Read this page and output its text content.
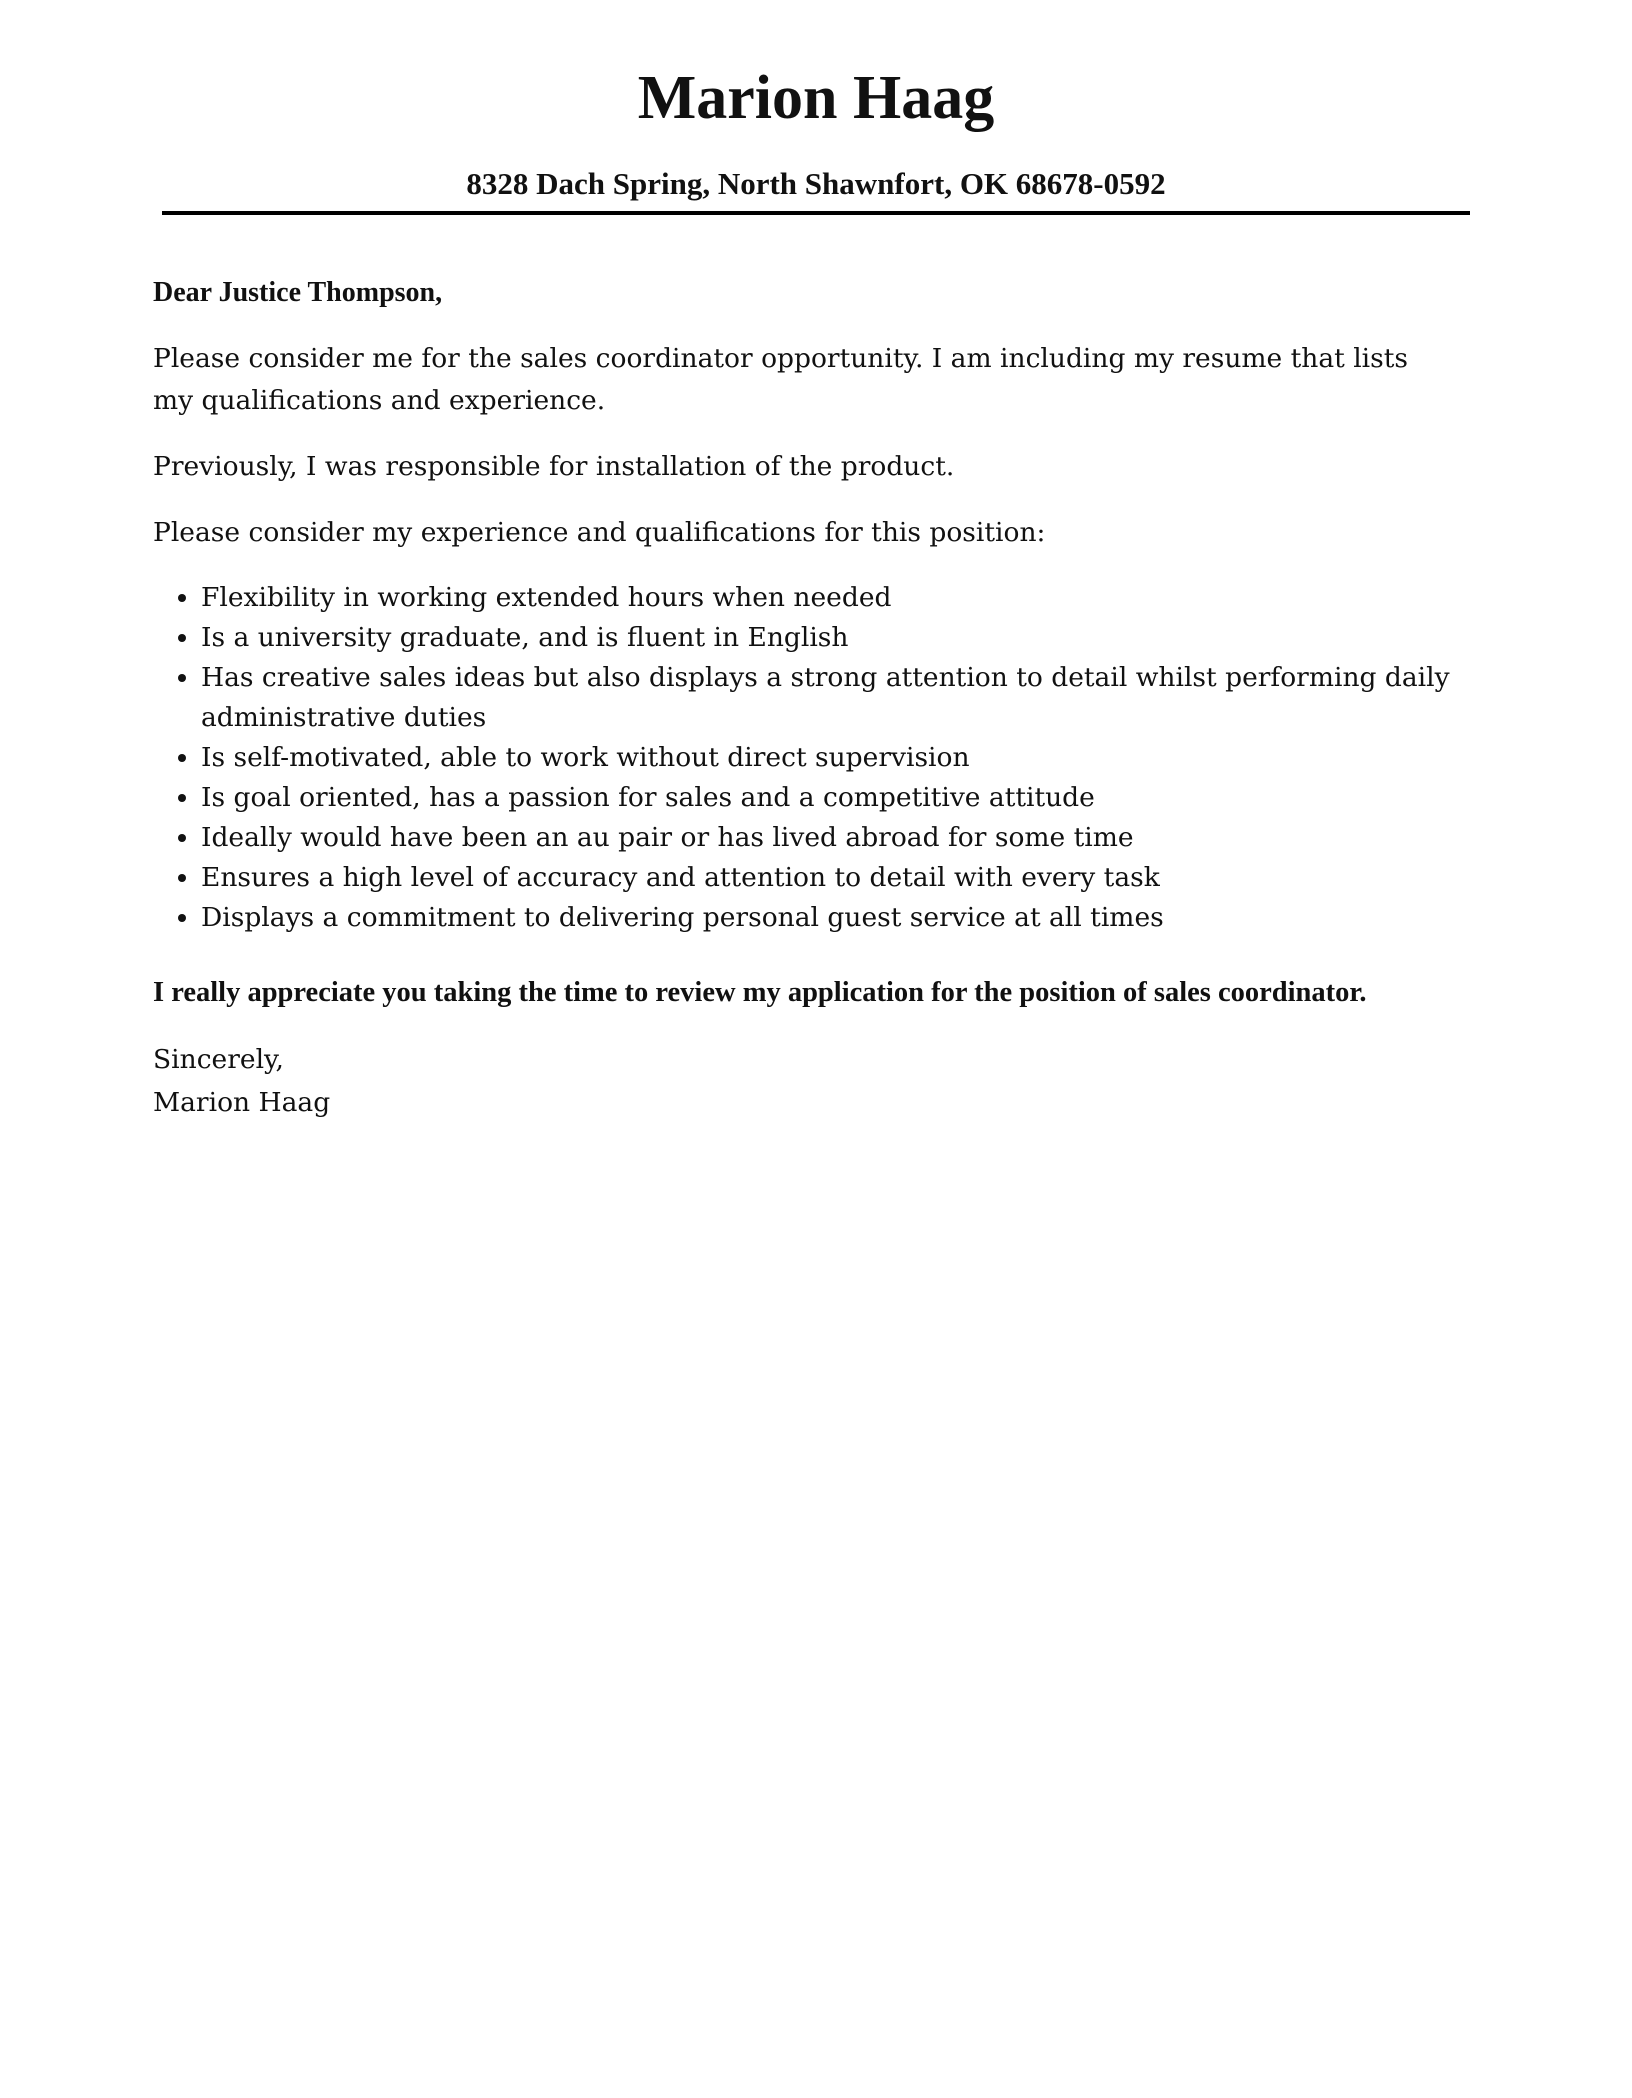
Marion Haag
8328 Dach Spring, North Shawnfort, OK 68678-0592

Dear Justice Thompson,

Please consider me for the sales coordinator opportunity. I am including my resume that lists my qualifications and experience.

Previously, I was responsible for installation of the product.

Please consider my experience and qualifications for this position:

• Flexibility in working extended hours when needed
• Is a university graduate, and is fluent in English
• Has creative sales ideas but also displays a strong attention to detail whilst performing daily administrative duties
• Is self-motivated, able to work without direct supervision
• Is goal oriented, has a passion for sales and a competitive attitude
• Ideally would have been an au pair or has lived abroad for some time
• Ensures a high level of accuracy and attention to detail with every task
• Displays a commitment to delivering personal guest service at all times

I really appreciate you taking the time to review my application for the position of sales coordinator.

Sincerely,

Marion Haag
